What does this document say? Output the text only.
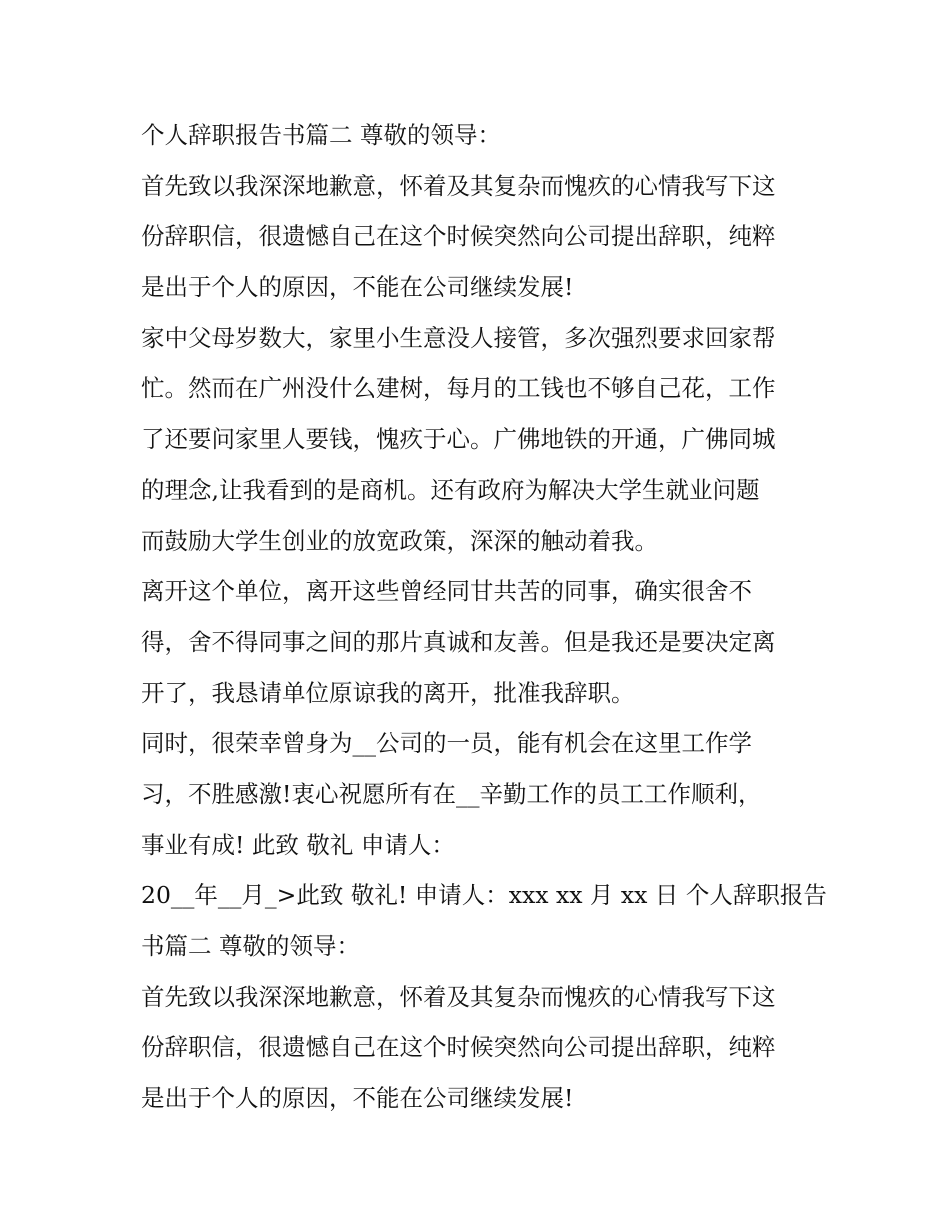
个人辞职报告书篇二 尊敬的领导：
首先致以我深深地歉意，怀着及其复杂而愧疚的心情我写下这
份辞职信，很遗憾自己在这个时候突然向公司提出辞职，纯粹
是出于个人的原因，不能在公司继续发展!
家中父母岁数大，家里小生意没人接管，多次强烈要求回家帮
忙。然而在广州没什么建树，每月的工钱也不够自己花，工作
了还要问家里人要钱，愧疚于心。广佛地铁的开通，广佛同城
的理念,让我看到的是商机。还有政府为解决大学生就业问题
而鼓励大学生创业的放宽政策，深深的触动着我。
离开这个单位，离开这些曾经同甘共苦的同事，确实很舍不
得，舍不得同事之间的那片真诚和友善。但是我还是要决定离
开了，我恳请单位原谅我的离开，批准我辞职。
同时，很荣幸曾身为__公司的一员，能有机会在这里工作学
习，不胜感激!衷心祝愿所有在__辛勤工作的员工工作顺利，
事业有成! 此致 敬礼 申请人：
20__年__月_>此致 敬礼! 申请人：xxx xx 月 xx 日 个人辞职报告
书篇二 尊敬的领导：
首先致以我深深地歉意，怀着及其复杂而愧疚的心情我写下这
份辞职信，很遗憾自己在这个时候突然向公司提出辞职，纯粹
是出于个人的原因，不能在公司继续发展!
